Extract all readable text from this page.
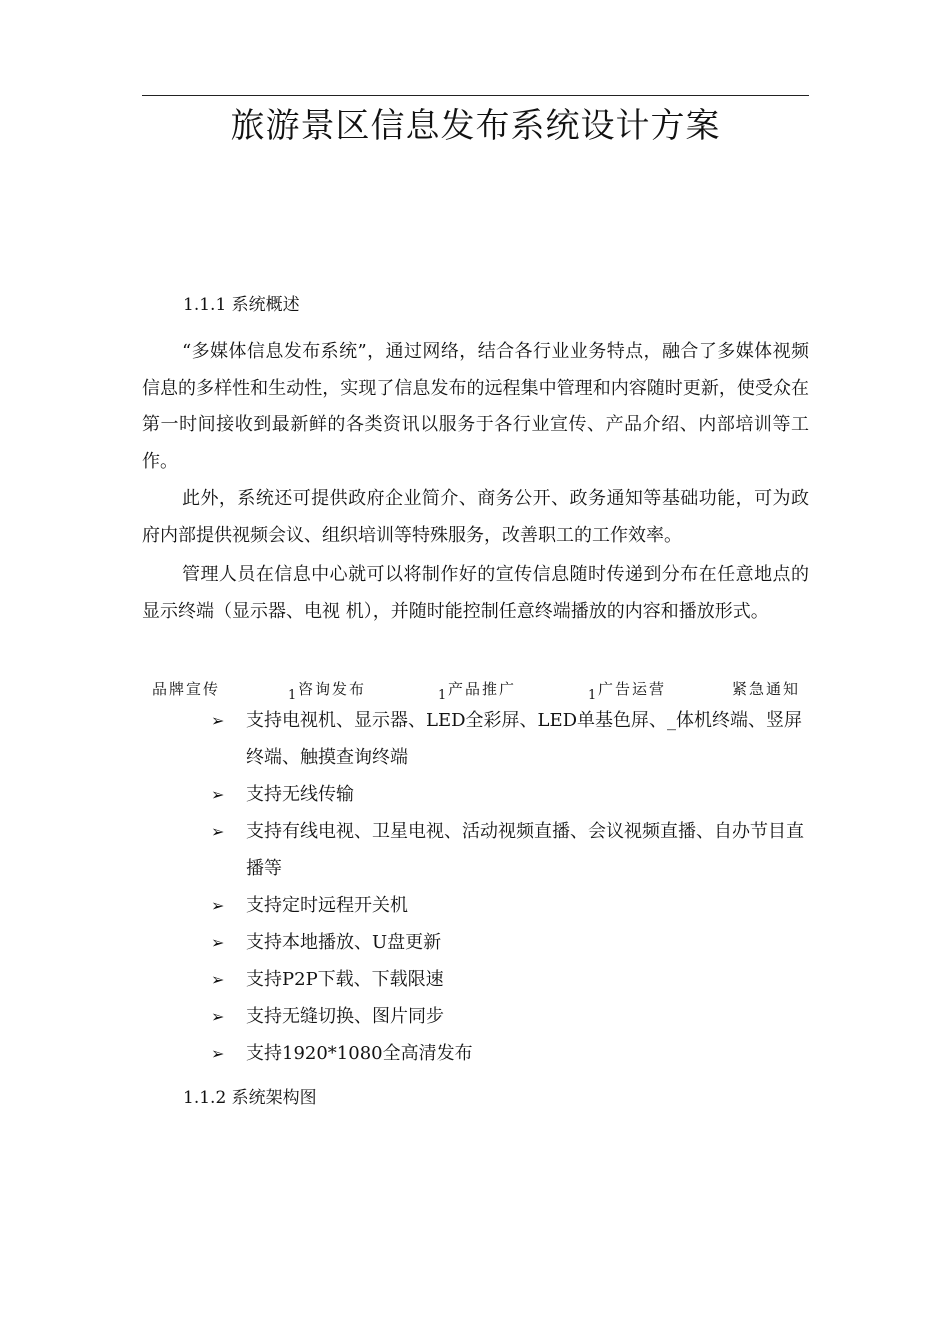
旅游景区信息发布系统设计方案
1.1.1 系统概述

“多媒体信息发布系统”，通过网络，结合各行业业务特点，融合了多媒体视频信息的多样性和生动性，实现了信息发布的远程集中管理和内容随时更新，使受众在第一时间接收到最新鲜的各类资讯以服务于各行业宣传、产品介绍、内部培训等工作。

此外，系统还可提供政府企业简介、商务公开、政务通知等基础功能，可为政府内部提供视频会议、组织培训等特殊服务，改善职工的工作效率。

管理人员在信息中心就可以将制作好的宣传信息随时传递到分布在任意地点的显示终端（显示器、电视 机），并随时能控制任意终端播放的内容和播放形式。

品牌宣传	1 咨询发布	1 产品推广	1 广告运营	紧急通知
➢ 支持电视机、显示器、LED全彩屏、LED单基色屏、_体机终端、竖屏终端、触摸查询终端
➢ 支持无线传输
➢ 支持有线电视、卫星电视、活动视频直播、会议视频直播、自办节目直播等
➢ 支持定时远程开关机
➢ 支持本地播放、U盘更新
➢ 支持P2P下载、下载限速
➢ 支持无缝切换、图片同步
➢ 支持1920*1080全高清发布
1.1.2 系统架构图
